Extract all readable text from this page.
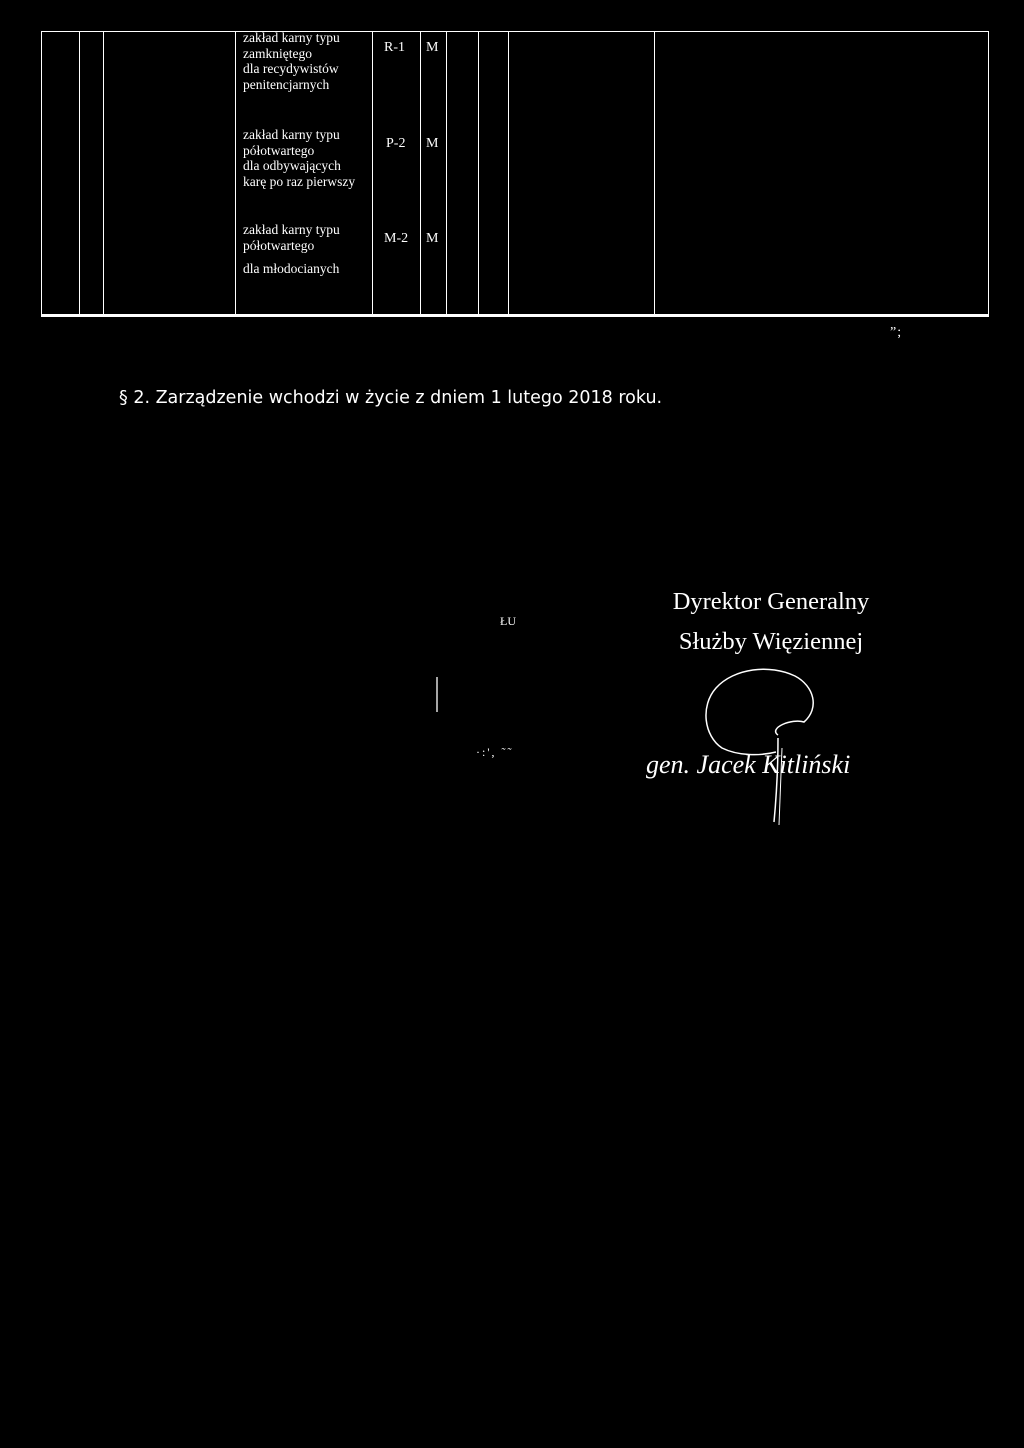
zakład karny typu
zamkniętego
dla recydywistów
penitencjarnych
R-1 M
zakład karny typu
półotwartego
dla odbywających
karę po raz pierwszy
P-2 M
zakład karny typu
półotwartego
dla młodocianych
M-2 M
”;
§ 2. Zarządzenie wchodzi w życie z dniem 1 lutego 2018 roku.
ŁU
·:', ˜˜
Dyrektor Generalny
Służby Więziennej
gen. Jacek Kitliński
